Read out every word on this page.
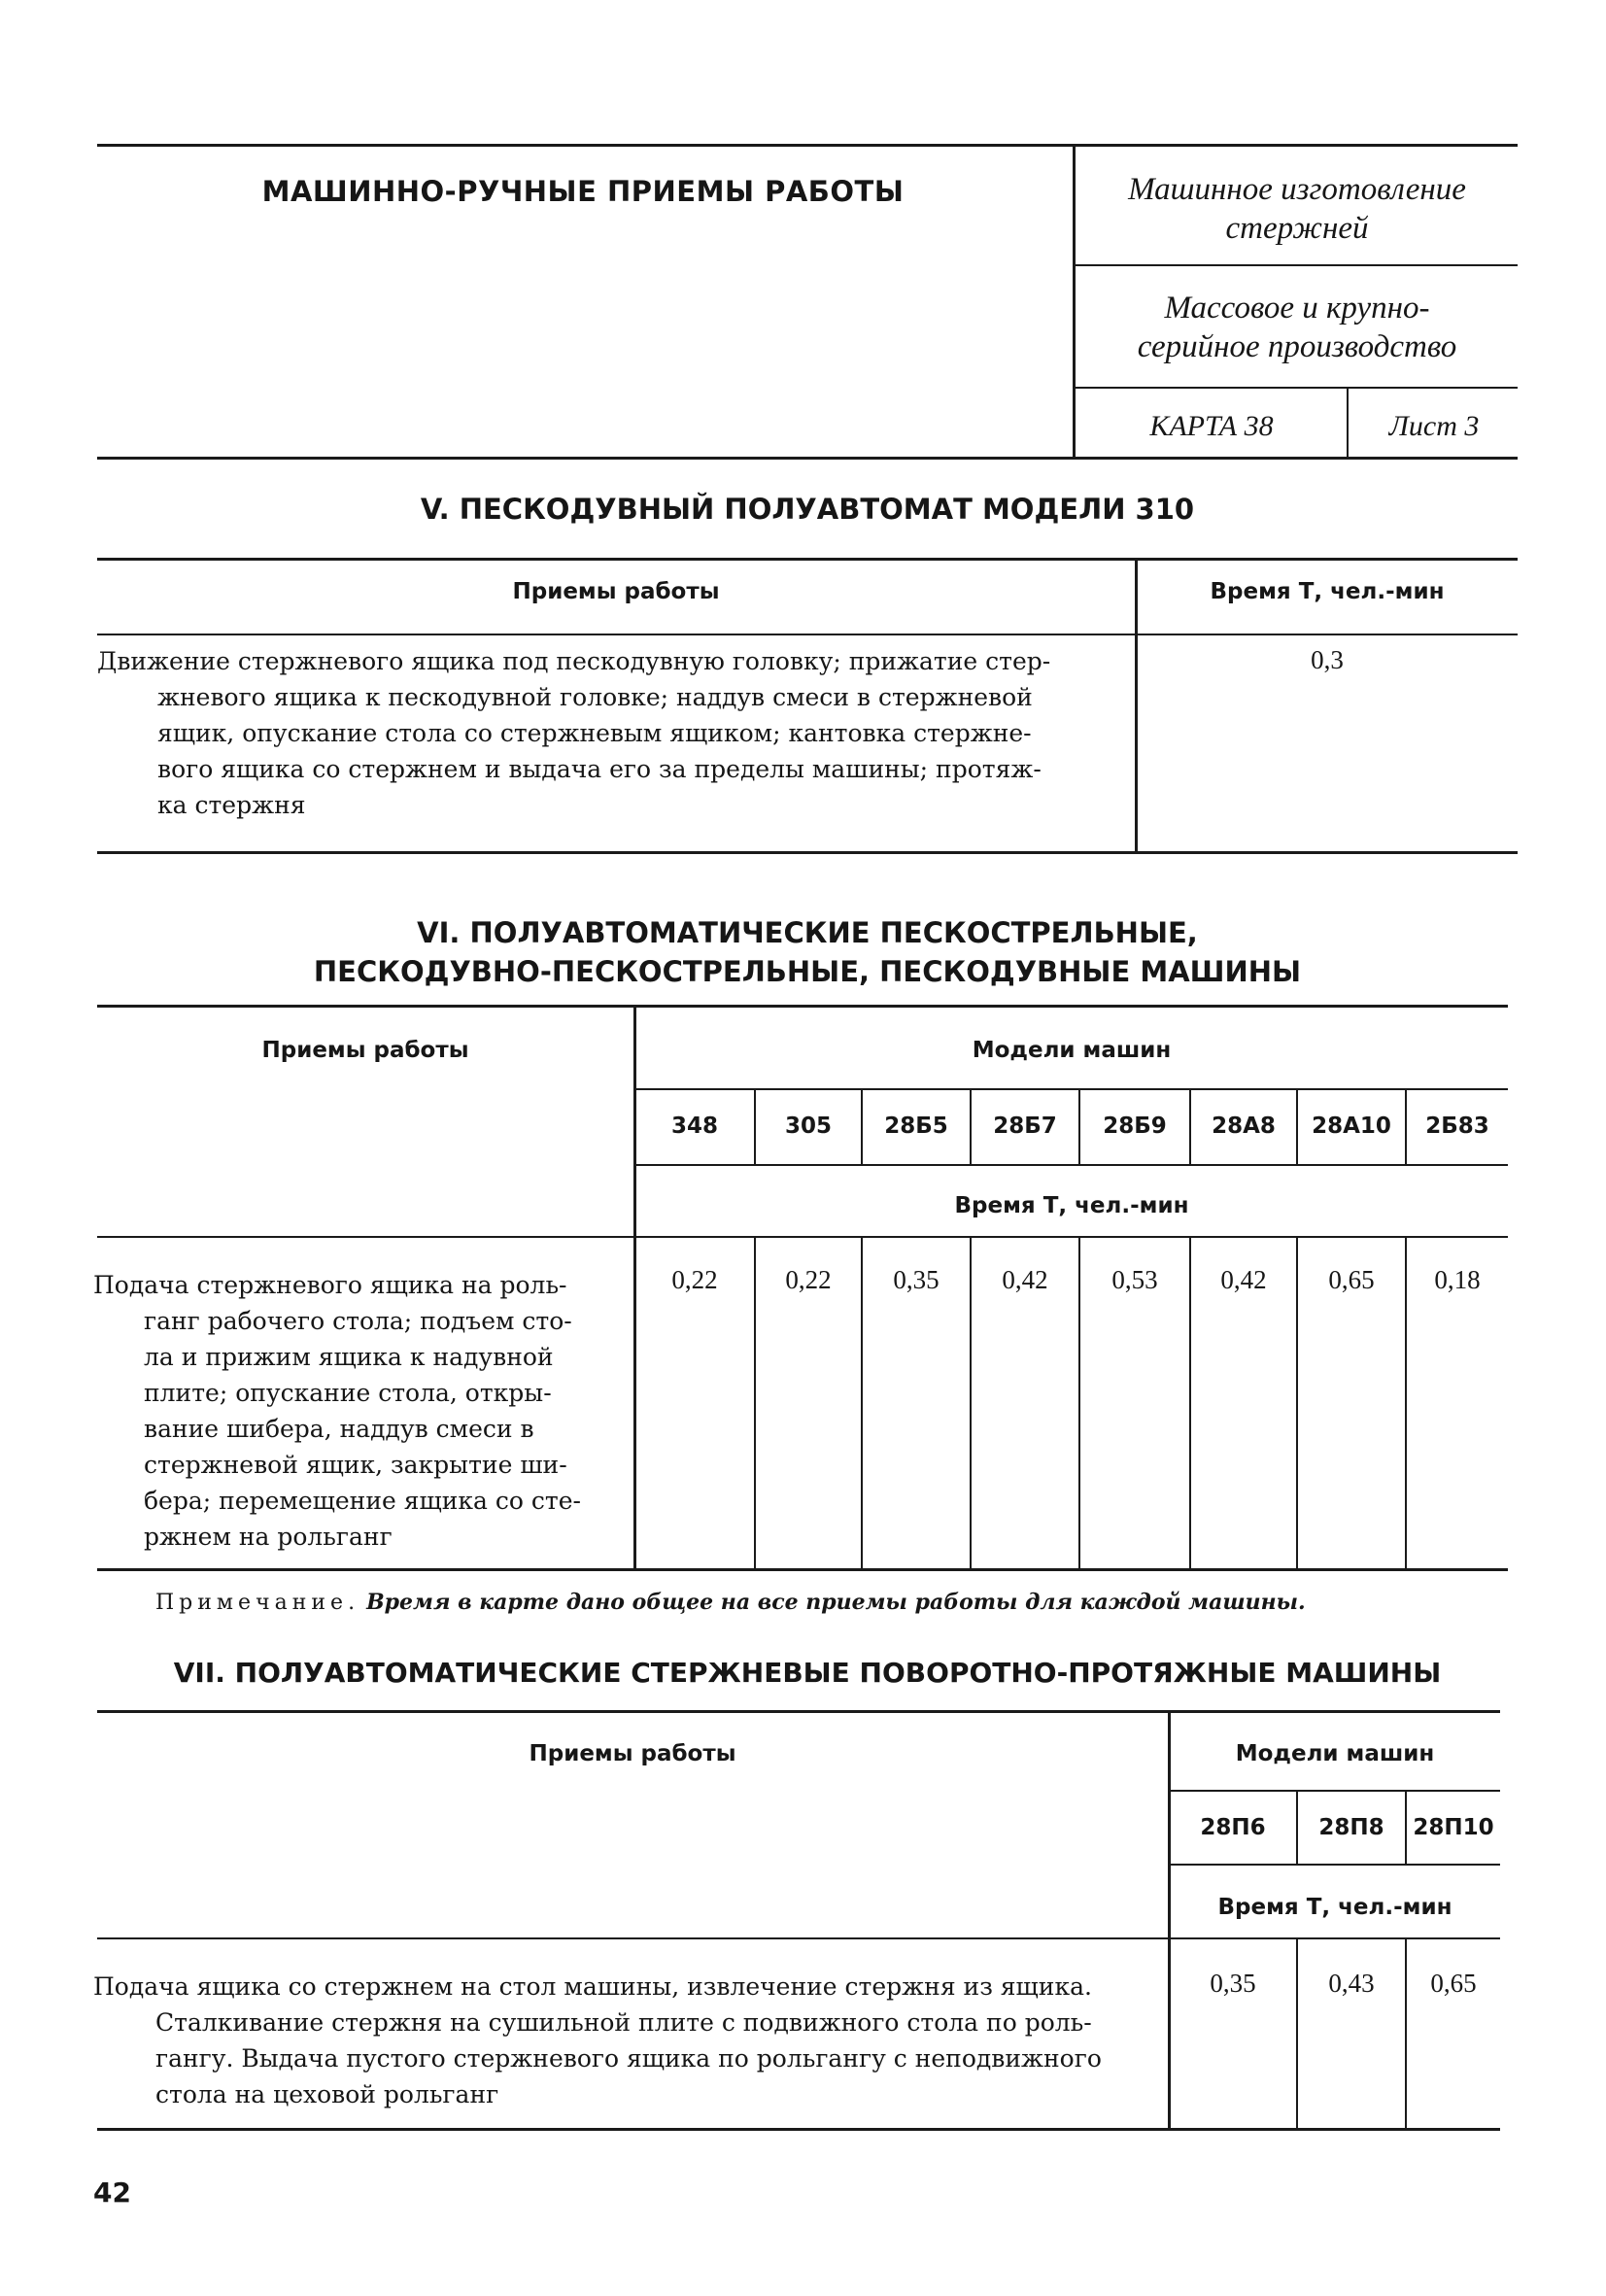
МАШИННО-РУЧНЫЕ ПРИЕМЫ РАБОТЫ	Машинное изготовление
стержней
Массовое и крупно-
серийное производство
КАРТА 38	Лист 3
V. ПЕСКОДУВНЫЙ ПОЛУАВТОМАТ МОДЕЛИ 310
Приемы работы	Время Т, чел.-мин
Движение стержневого ящика под пескодувную головку; прижатие стер-
жневого ящика к пескодувной головке; наддув смеси в стержневой
ящик, опускание стола со стержневым ящиком; кантовка стержне-
вого ящика со стержнем и выдача его за пределы машины; протяж-
ка стержня
0,3
VI. ПОЛУАВТОМАТИЧЕСКИЕ ПЕСКОСТРЕЛЬНЫЕ,
ПЕСКОДУВНО-ПЕСКОСТРЕЛЬНЫЕ, ПЕСКОДУВНЫЕ МАШИНЫ
Приемы работы	Модели машин
Время Т, чел.-мин
348	305	28Б5	28Б7	28Б9	28А8	28А10	2Б83
0,22	0,22	0,35	0,42	0,53	0,42	0,65	0,18
Подача стержневого ящика на роль-
ганг рабочего стола; подъем сто-
ла и прижим ящика к надувной
плите; опускание стола, откры-
вание шибера, наддув смеси в
стержневой ящик, закрытие ши-
бера; перемещение ящика со сте-
ржнем на рольганг
Примечание. Время в карте дано общее на все приемы работы для каждой машины.
VII. ПОЛУАВТОМАТИЧЕСКИЕ СТЕРЖНЕВЫЕ ПОВОРОТНО-ПРОТЯЖНЫЕ МАШИНЫ
Приемы работы	Модели машин
Время Т, чел.-мин
28П6	28П8	28П10
0,35	0,43	0,65
Подача ящика со стержнем на стол машины, извлечение стержня из ящика.
Сталкивание стержня на сушильной плите с подвижного стола по роль-
гангу. Выдача пустого стержневого ящика по рольгангу с неподвижного
стола на цеховой рольганг
42
